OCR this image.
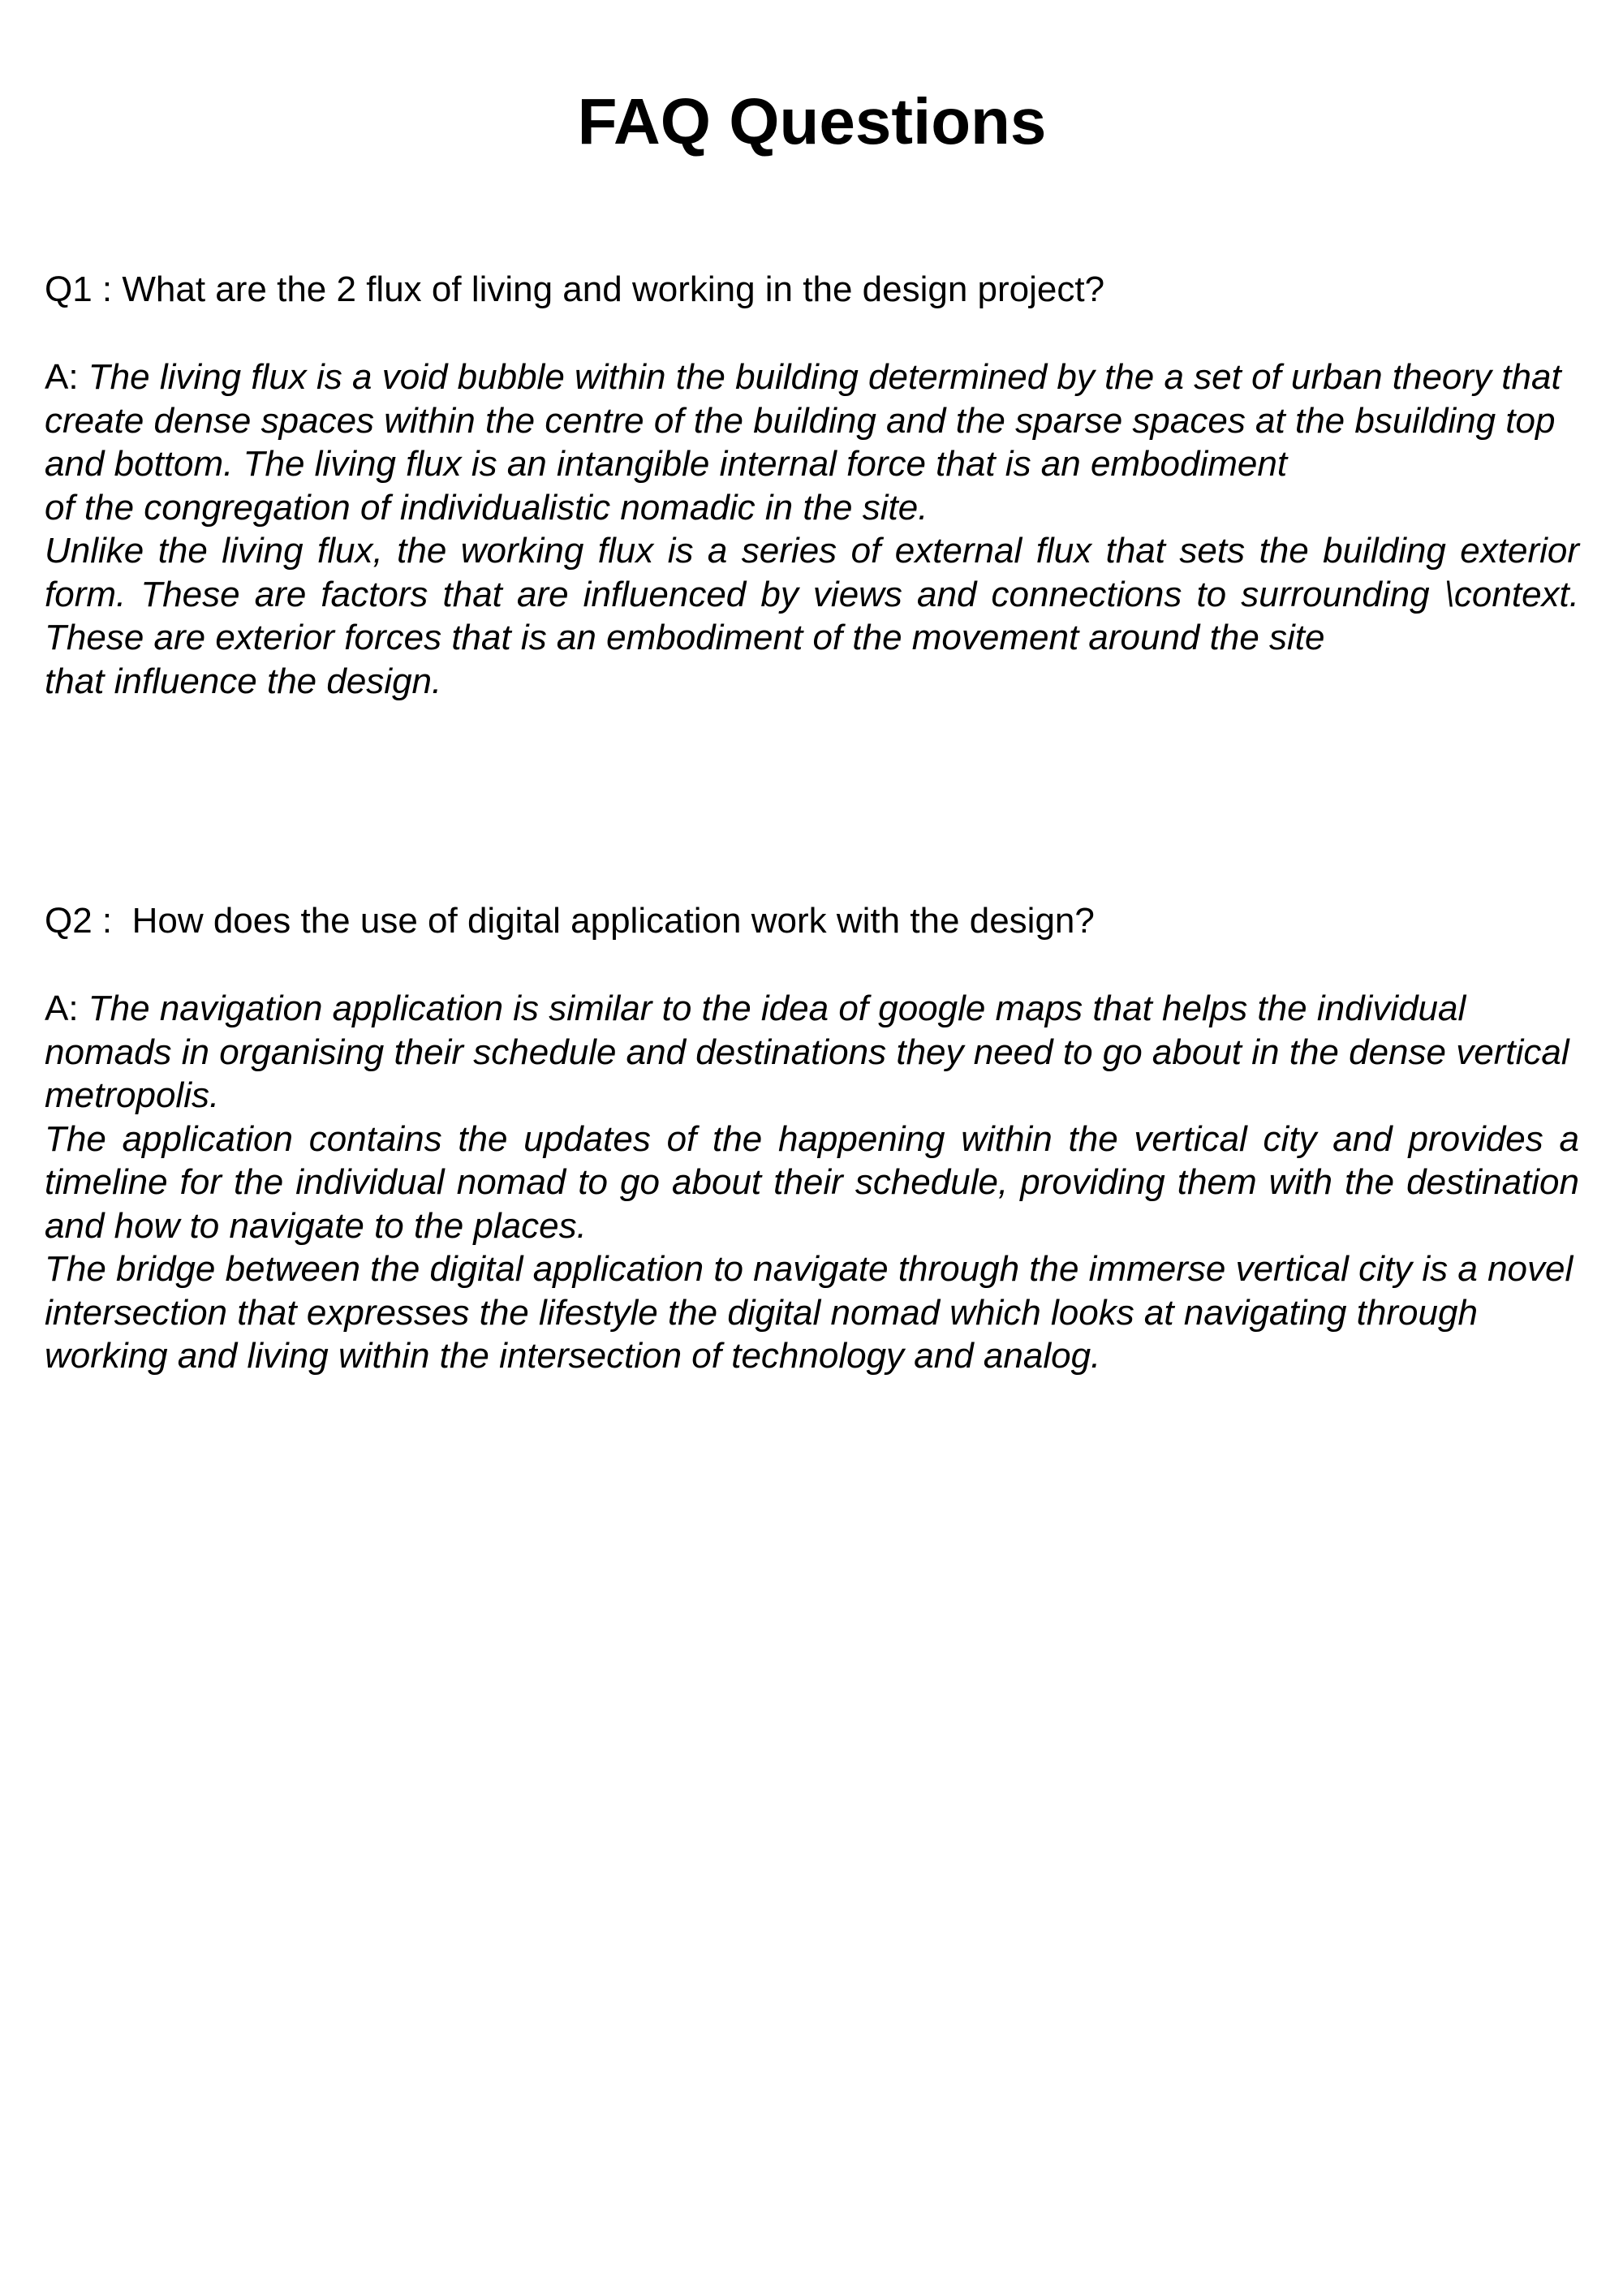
FAQ Questions

Q1 : What are the 2 flux of living and working in the design project?

A: The living flux is a void bubble within the building determined by the a set of urban theory that create dense spaces within the centre of the building and the sparse spaces at the bsuilding top and bottom. The living flux is an intangible internal force that is an embodiment
of the congregation of individualistic nomadic in the site.
Unlike the living flux, the working flux is a series of external flux that sets the building exterior form. These are factors that are influenced by views and connections to surrounding \context. These are exterior forces that is an embodiment of the movement around the site
that influence the design.

Q2 :  How does the use of digital application work with the design?

A: The navigation application is similar to the idea of google maps that helps the individual nomads in organising their schedule and destinations they need to go about in the dense vertical metropolis.
The application contains the updates of the happening within the vertical city and provides a timeline for the individual nomad to go about their schedule, providing them with the destination and how to navigate to the places.
The bridge between the digital application to navigate through the immerse vertical city is a novel intersection that expresses the lifestyle the digital nomad which looks at navigating through working and living within the intersection of technology and analog.
